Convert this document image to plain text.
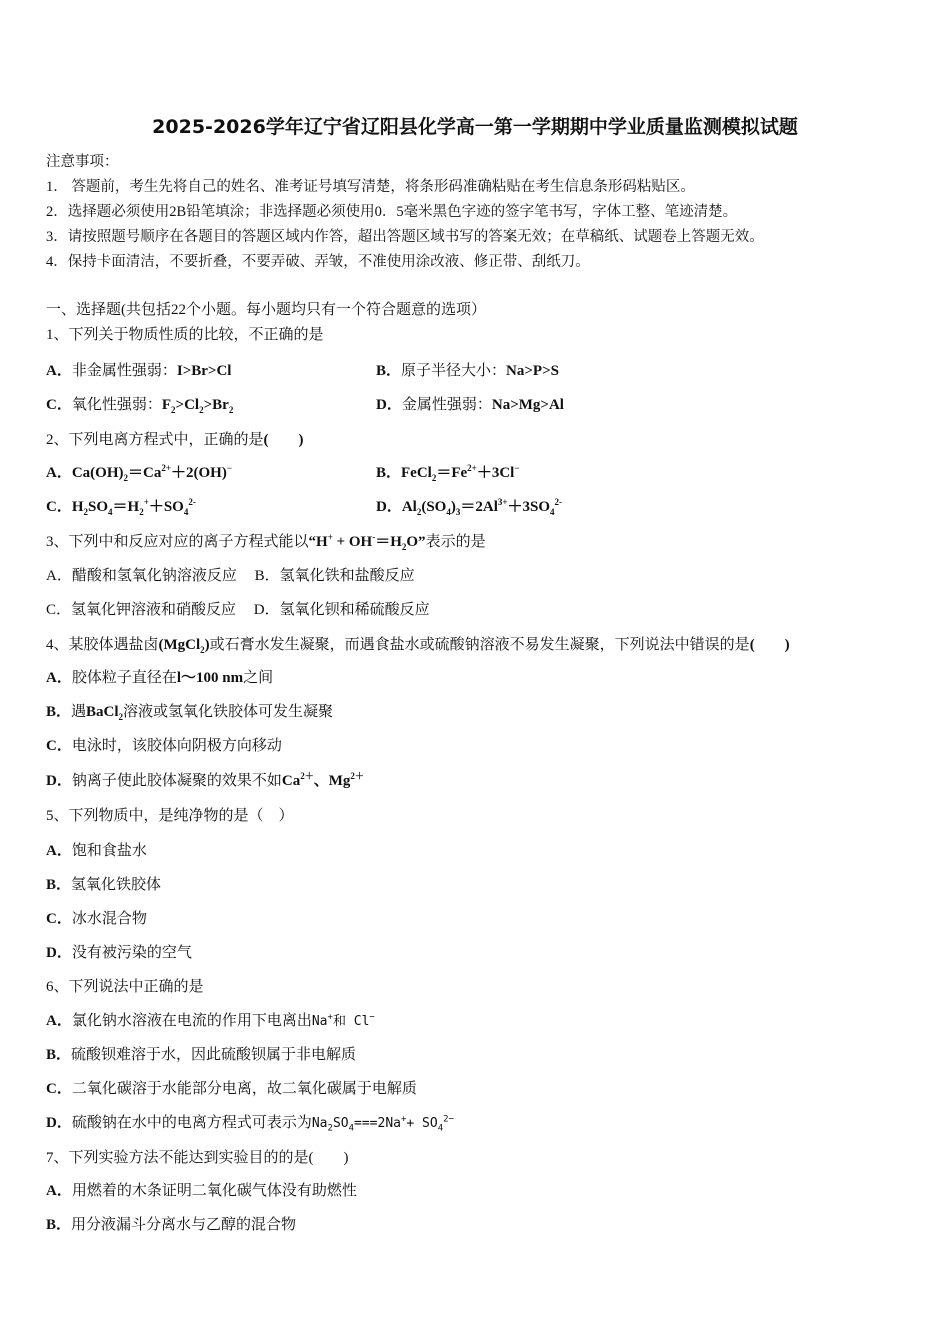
2025-2026学年辽宁省辽阳县化学高一第一学期期中学业质量监测模拟试题
注意事项：
1． 答题前，考生先将自己的姓名、准考证号填写清楚，将条形码准确粘贴在考生信息条形码粘贴区。
2．选择题必须使用2B铅笔填涂；非选择题必须使用0．5毫米黑色字迹的签字笔书写，字体工整、笔迹清楚。
3．请按照题号顺序在各题目的答题区域内作答，超出答题区域书写的答案无效；在草稿纸、试题卷上答题无效。
4．保持卡面清洁，不要折叠，不要弄破、弄皱，不准使用涂改液、修正带、刮纸刀。
一、选择题(共包括22个小题。每小题均只有一个符合题意的选项）
1、下列关于物质性质的比较，不正确的是
A．非金属性强弱：I>Br>Cl	B．原子半径大小：Na>P>S
C．氧化性强弱：$F_2>Cl_2>Br_2$	D．金属性强弱：Na>Mg>Al
2、下列电离方程式中，正确的是(　　)
A．$Ca(OH)_2=Ca^{2+}+2(OH)^-$	B．$FeCl_2=Fe^{2+}+3Cl^-$
C．$H_2SO_4=H_2^++SO_4^{2-}$	D．$Al_2(SO_4)_3=2Al^{3+}+3SO_4^{2-}$
3、下列中和反应对应的离子方程式能以“$H^+ + OH^-=H_2O$”表示的是
A．醋酸和氢氧化钠溶液反应 B．氢氧化铁和盐酸反应
C．氢氧化钾溶液和硝酸反应 D．氢氧化钡和稀硫酸反应
4、某胶体遇盐卤(MgCl$_2$)或石膏水发生凝聚，而遇食盐水或硫酸钠溶液不易发生凝聚，下列说法中错误的是(　　)
A．胶体粒子直径在l～100 nm之间
B．遇BaCl$_2$溶液或氢氧化铁胶体可发生凝聚
C．电泳时，该胶体向阴极方向移动
D．钠离子使此胶体凝聚的效果不如$Ca^{2+}$、$Mg^{2+}$
5、下列物质中，是纯净物的是（　）
A．饱和食盐水
B．氢氧化铁胶体
C．冰水混合物
D．没有被污染的空气
6、下列说法中正确的是
A．氯化钠水溶液在电流的作用下电离出Na+和 Cl−
B．硫酸钡难溶于水，因此硫酸钡属于非电解质
C．二氧化碳溶于水能部分电离，故二氧化碳属于电解质
D．硫酸钠在水中的电离方程式可表示为$Na_2SO_4===2Na^++ SO_4^{2-}$
7、下列实验方法不能达到实验目的的是(　　)
A．用燃着的木条证明二氧化碳气体没有助燃性
B．用分液漏斗分离水与乙醇的混合物
